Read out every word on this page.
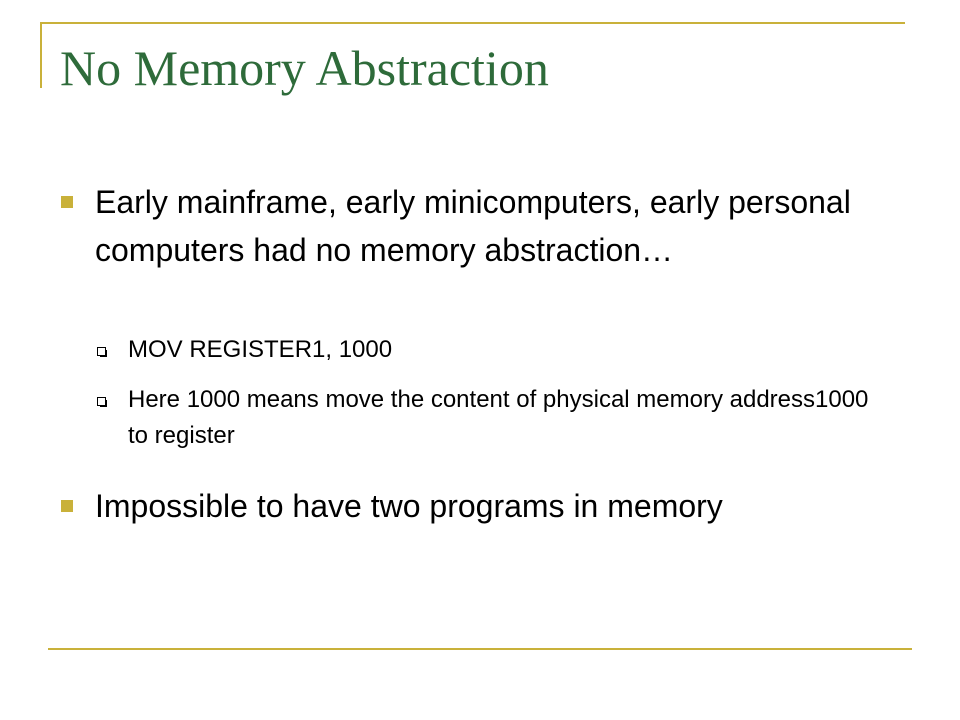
No Memory Abstraction
Early mainframe, early minicomputers, early personal computers had no memory abstraction…
MOV REGISTER1, 1000
Here 1000 means move the content of physical memory address1000 to register
Impossible to have two programs in memory
